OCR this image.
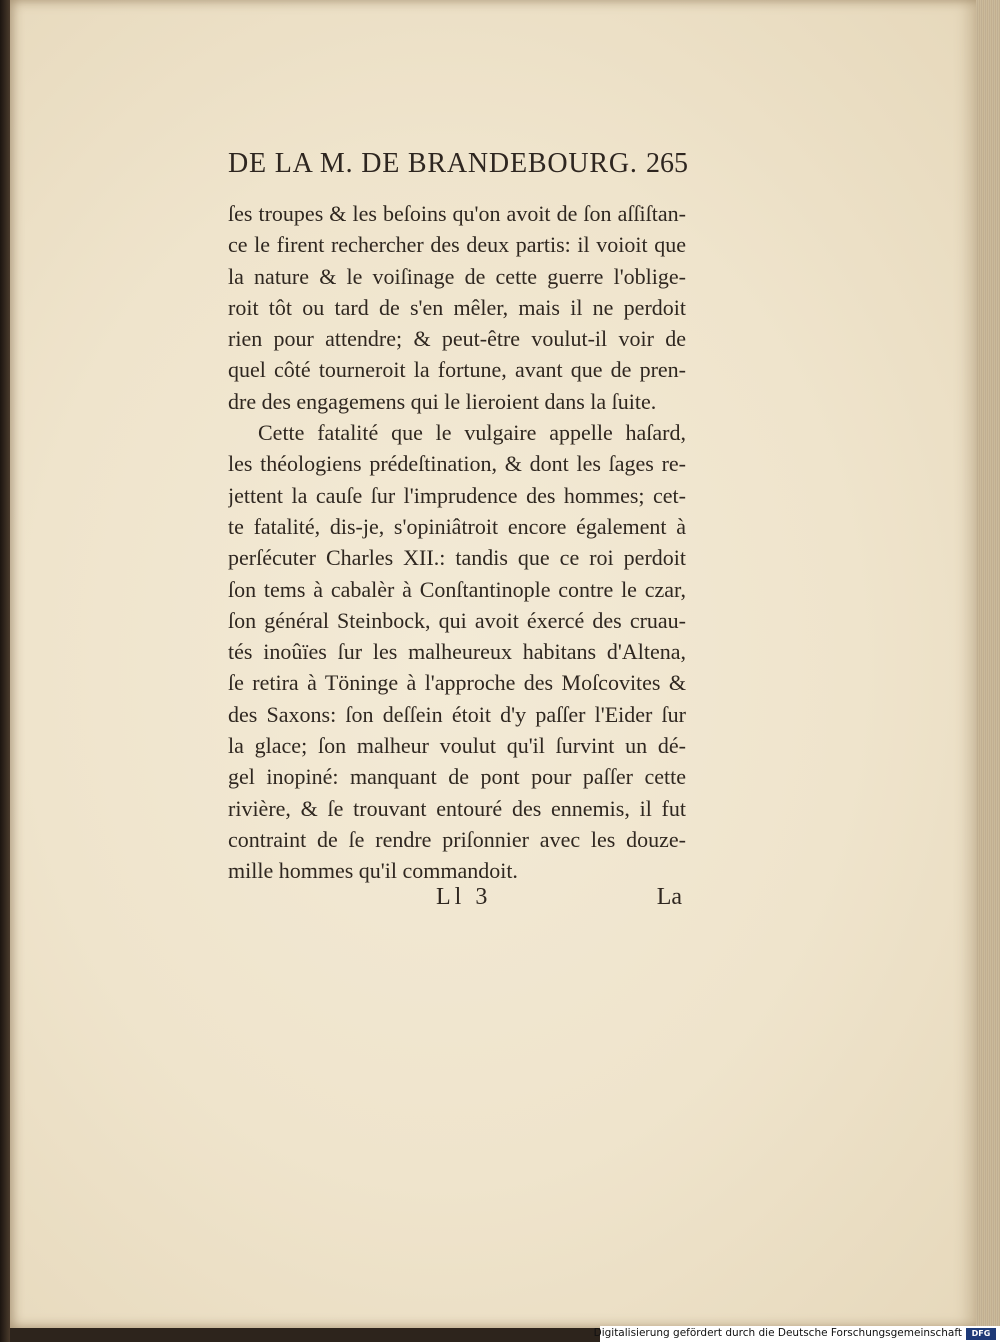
DE LA M. DE BRANDEBOURG. 265
ſes troupes & les beſoins qu'on avoit de ſon aſſiſtan-
ce le firent rechercher des deux partis: il voioit que
la nature & le voiſinage de cette guerre l'oblige-
roit tôt ou tard de s'en mêler, mais il ne perdoit
rien pour attendre; & peut-être voulut-il voir de
quel côté tourneroit la fortune, avant que de pren-
dre des engagemens qui le lieroient dans la ſuite.
Cette fatalité que le vulgaire appelle haſard,
les théologiens prédeſtination, & dont les ſages re-
jettent la cauſe ſur l'imprudence des hommes; cet-
te fatalité, dis-je, s'opiniâtroit encore également à
perſécuter Charles XII.: tandis que ce roi perdoit
ſon tems à cabalèr à Conſtantinople contre le czar,
ſon général Steinbock, qui avoit éxercé des cruau-
tés inoûïes ſur les malheureux habitans d'Altena,
ſe retira à Töninge à l'approche des Moſcovites &
des Saxons: ſon deſſein étoit d'y paſſer l'Eider ſur
la glace; ſon malheur voulut qu'il ſurvint un dé-
gel inopiné: manquant de pont pour paſſer cette
rivière, & ſe trouvant entouré des ennemis, il fut
contraint de ſe rendre priſonnier avec les douze-
mille hommes qu'il commandoit.
Ll 3	La
Digitalisierung gefördert durch die Deutsche Forschungsgemeinschaft	DFG
